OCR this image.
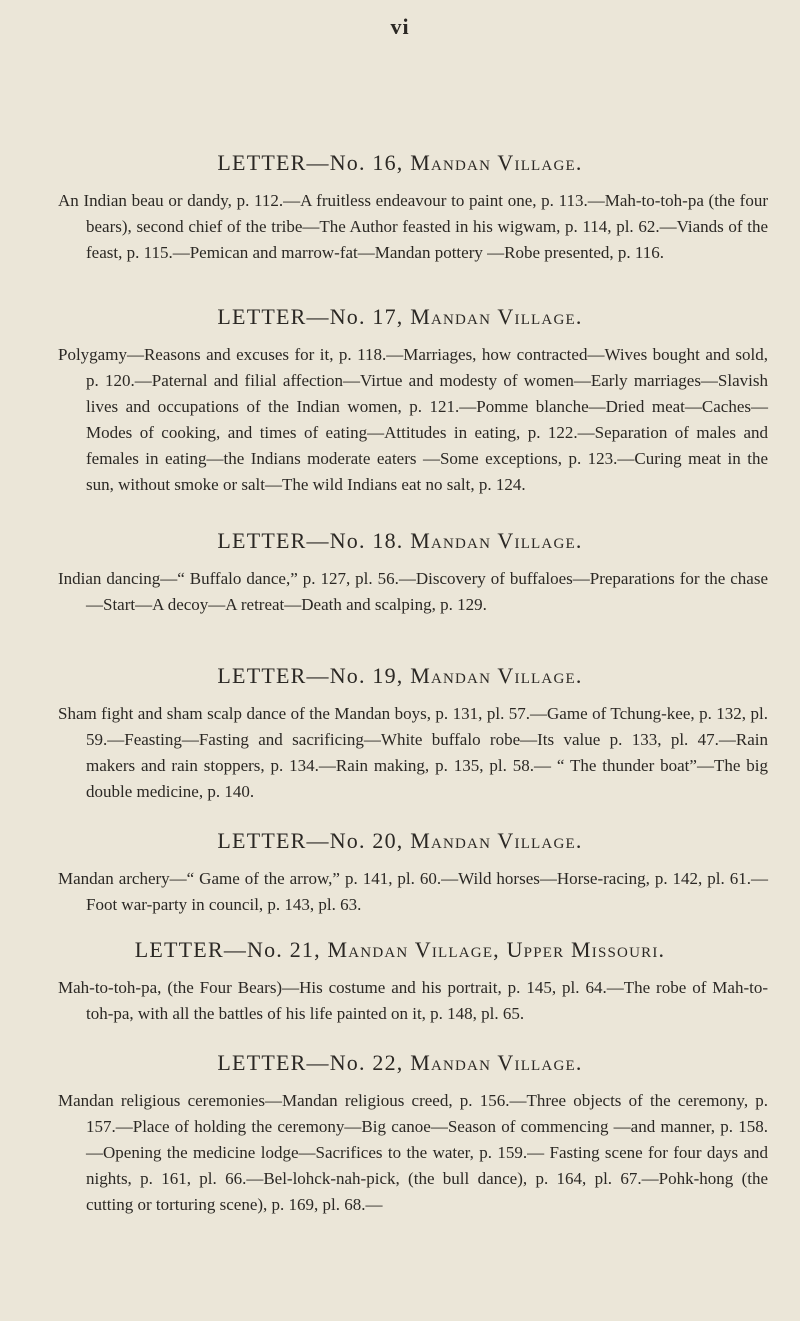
vi
LETTER—No. 16, Mandan Village.

An Indian beau or dandy, p. 112.—A fruitless endeavour to paint one, p. 113.—Mah-to-toh-pa (the four bears), second chief of the tribe—The Author feasted in his wigwam, p. 114, pl. 62.—Viands of the feast, p. 115.—Pemican and marrow-fat—Mandan pottery —Robe presented, p. 116.

LETTER—No. 17, Mandan Village.

Polygamy—Reasons and excuses for it, p. 118.—Marriages, how contracted—Wives bought and sold, p. 120.—Paternal and filial affection—Virtue and modesty of women—Early marriages—Slavish lives and occupations of the Indian women, p. 121.—Pomme blanche—Dried meat—Caches—Modes of cooking, and times of eating—Attitudes in eating, p. 122.—Separation of males and females in eating—the Indians moderate eaters —Some exceptions, p. 123.—Curing meat in the sun, without smoke or salt—The wild Indians eat no salt, p. 124.

LETTER—No. 18. Mandan Village.

Indian dancing—“ Buffalo dance,” p. 127, pl. 56.—Discovery of buffaloes—Preparations for the chase—Start—A decoy—A retreat—Death and scalping, p. 129.

LETTER—No. 19, Mandan Village.

Sham fight and sham scalp dance of the Mandan boys, p. 131, pl. 57.—Game of Tchung-kee, p. 132, pl. 59.—Feasting—Fasting and sacrificing—White buffalo robe—Its value p. 133, pl. 47.—Rain makers and rain stoppers, p. 134.—Rain making, p. 135, pl. 58.— “ The thunder boat”—The big double medicine, p. 140.

LETTER—No. 20, Mandan Village.

Mandan archery—“ Game of the arrow,” p. 141, pl. 60.—Wild horses—Horse-racing, p. 142, pl. 61.—Foot war-party in council, p. 143, pl. 63.

LETTER—No. 21, Mandan Village, Upper Missouri.

Mah-to-toh-pa, (the Four Bears)—His costume and his portrait, p. 145, pl. 64.—The robe of Mah-to-toh-pa, with all the battles of his life painted on it, p. 148, pl. 65.

LETTER—No. 22, Mandan Village.

Mandan religious ceremonies—Mandan religious creed, p. 156.—Three objects of the ceremony, p. 157.—Place of holding the ceremony—Big canoe—Season of commencing —and manner, p. 158.—Opening the medicine lodge—Sacrifices to the water, p. 159.— Fasting scene for four days and nights, p. 161, pl. 66.—Bel-lohck-nah-pick, (the bull dance), p. 164, pl. 67.—Pohk-hong (the cutting or torturing scene), p. 169, pl. 68.—
